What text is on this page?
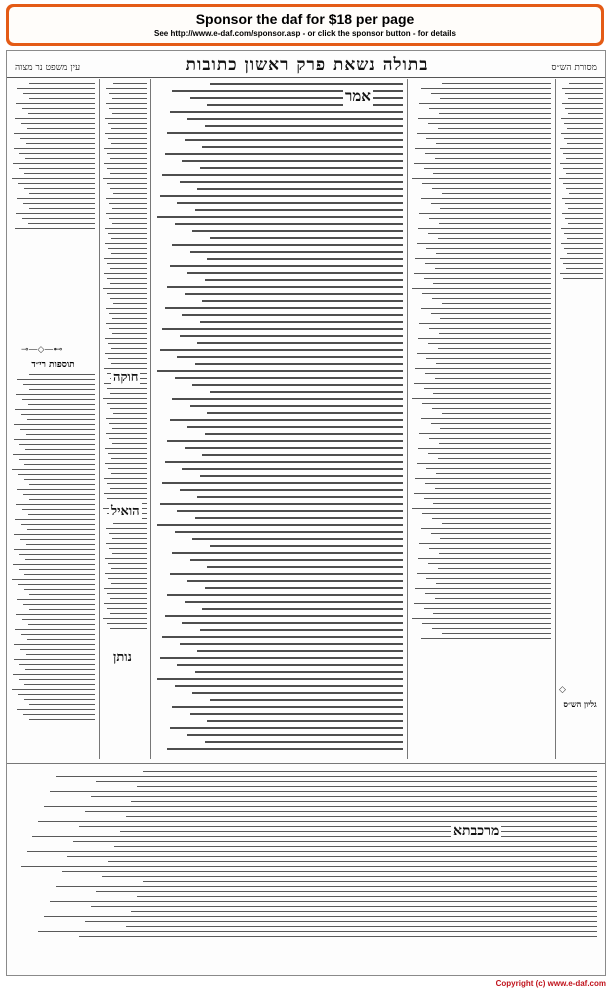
Sponsor the daf for $18 per page
See http://www.e-daf.com/sponsor.asp - or click the sponsor button - for details
מסורת הש״ס
בתולה נשאת פרק ראשון כתובות
עין משפט נר מצוה
⊸—◇—⊷
תוספות רי״ד
חוקה
הואיל
נותן
אמר
◇
גליון הש״ס
מרכבתא
Copyright (c) www.e-daf.com
